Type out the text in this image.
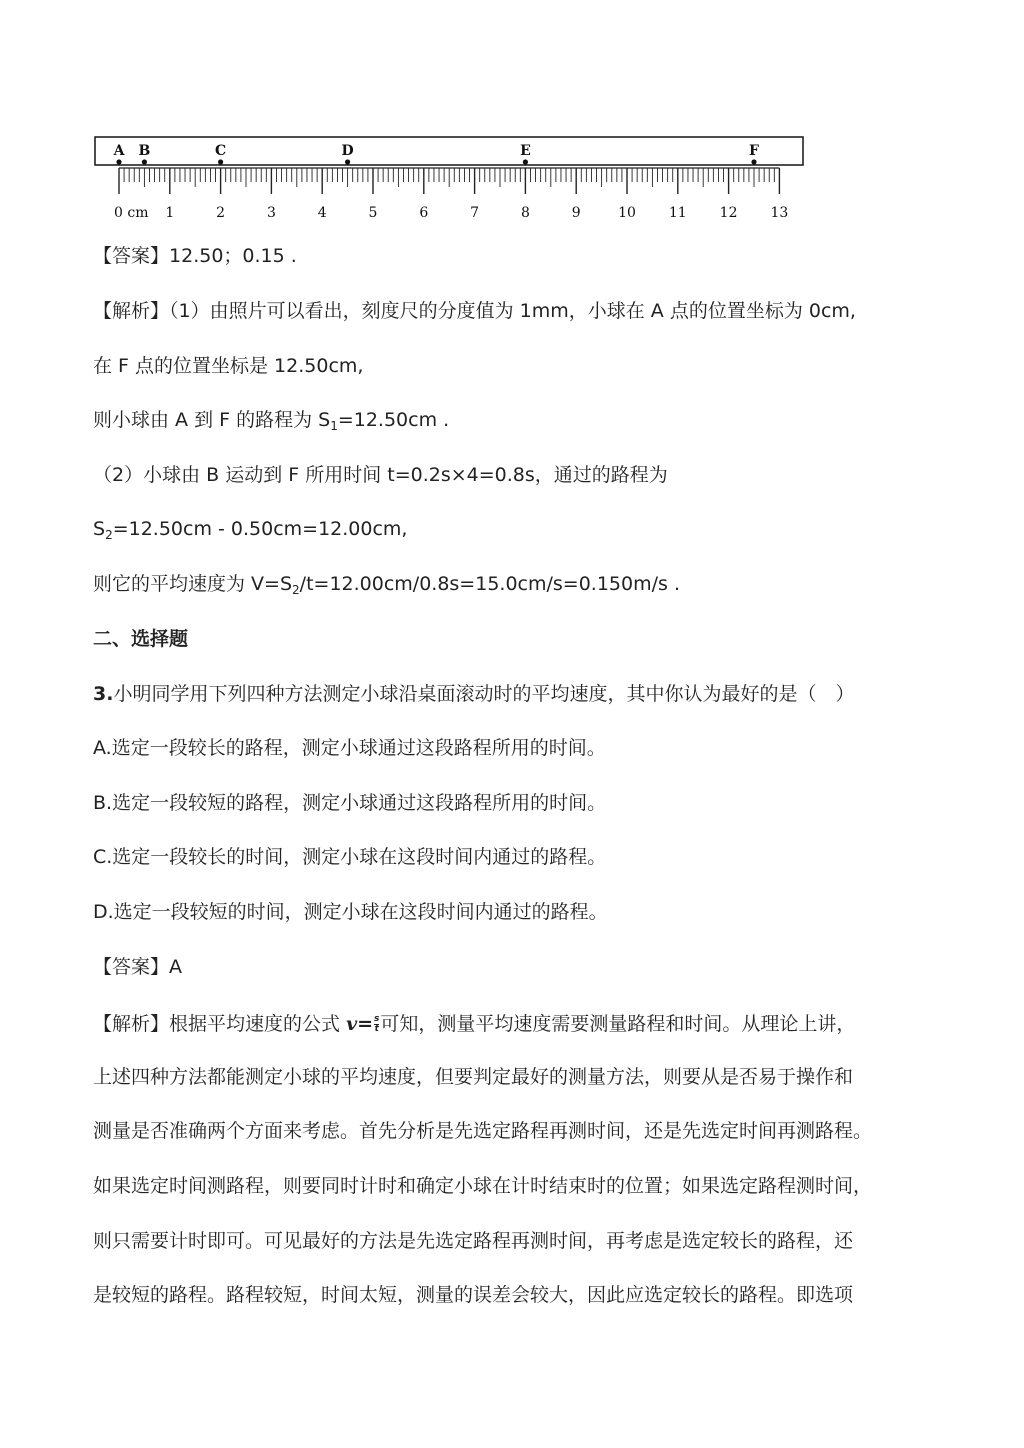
A B	C	D	E	F
0 cm 1	2	3	4	5	6	7	8	9	10 11 12 13
【答案】12.50；0.15 .
【解析】（1）由照片可以看出，刻度尺的分度值为 1mm，小球在 A 点的位置坐标为 0cm,
在 F 点的位置坐标是 12.50cm,
则小球由 A 到 F 的路程为 $S_1=12.50cm$ .
（2）小球由 B 运动到 F 所用时间 t=0.2s×4=0.8s，通过的路程为
$S_2=12.50cm - 0.50cm=12.00cm$,
则它的平均速度为 $V=S_2/t=12.00cm/0.8s=15.0cm/s=0.150m/s$ .
二、选择题
3.小明同学用下列四种方法测定小球沿桌面滚动时的平均速度，其中你认为最好的是（　）
A.选定一段较长的路程，测定小球通过这段路程所用的时间。
B.选定一段较短的路程，测定小球通过这段路程所用的时间。
C.选定一段较长的时间，测定小球在这段时间内通过的路程。
D.选定一段较短的时间，测定小球在这段时间内通过的路程。
【答案】A
【解析】根据平均速度的公式 $v= \frac{s}{t}$ 可知，测量平均速度需要测量路程和时间。从理论上讲，
上述四种方法都能测定小球的平均速度，但要判定最好的测量方法，则要从是否易于操作和
测量是否准确两个方面来考虑。首先分析是先选定路程再测时间，还是先选定时间再测路程。
如果选定时间测路程，则要同时计时和确定小球在计时结束时的位置；如果选定路程测时间，
则只需要计时即可。可见最好的方法是先选定路程再测时间，再考虑是选定较长的路程，还
是较短的路程。路程较短，时间太短，测量的误差会较大，因此应选定较长的路程。即选项
